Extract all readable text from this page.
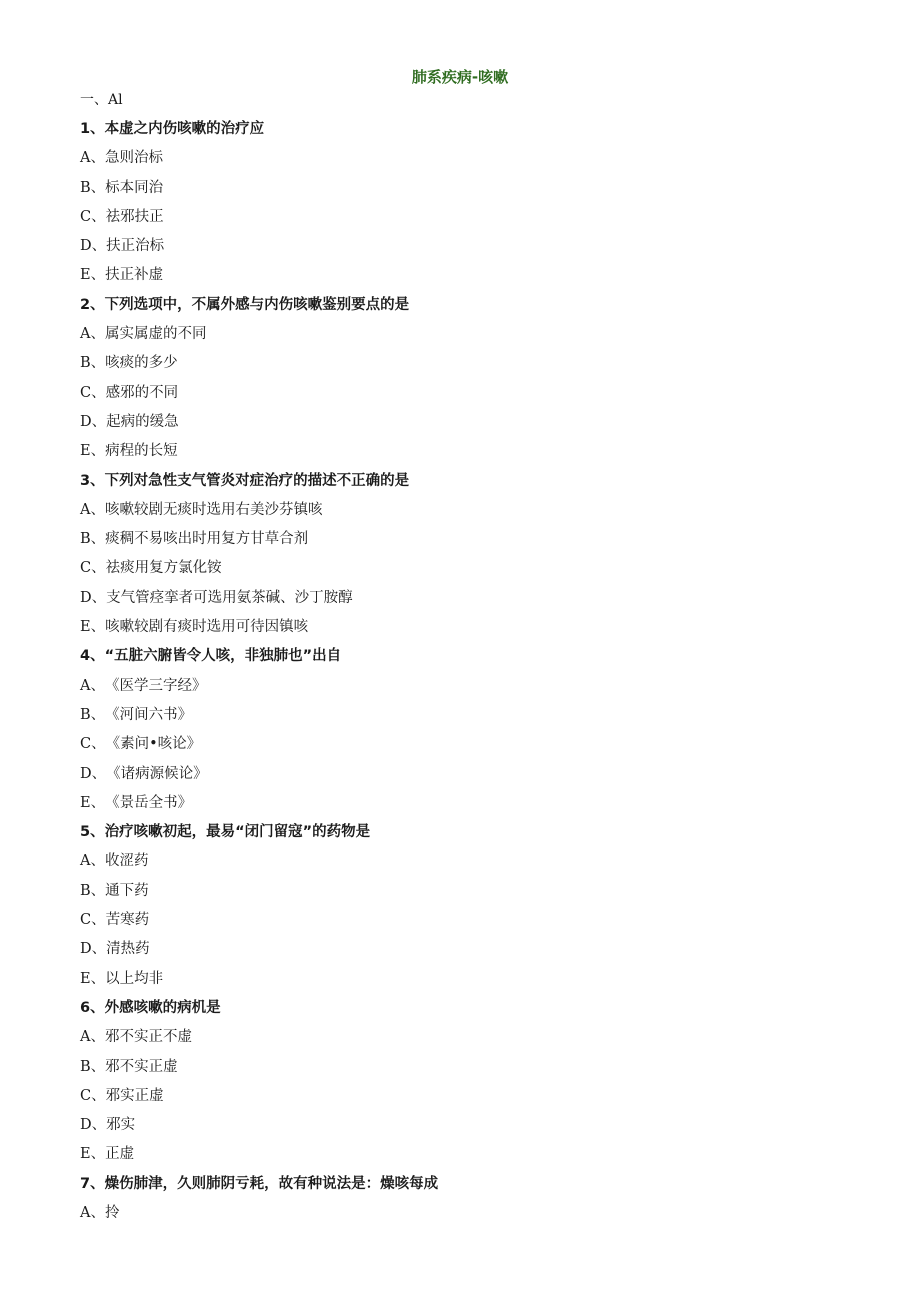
肺系疾病-咳嗽
一、Al
1、本虚之内伤咳嗽的治疗应
A、急则治标
B、标本同治
C、祛邪扶正
D、扶正治标
E、扶正补虚
2、下列选项中，不属外感与内伤咳嗽鉴别要点的是
A、属实属虚的不同
B、咳痰的多少
C、感邪的不同
D、起病的缓急
E、病程的长短
3、下列对急性支气管炎对症治疗的描述不正确的是
A、咳嗽较剧无痰时选用右美沙芬镇咳
B、痰稠不易咳出时用复方甘草合剂
C、祛痰用复方氯化铵
D、支气管痉挛者可选用氨茶碱、沙丁胺醇
E、咳嗽较剧有痰时选用可待因镇咳
4、“五脏六腑皆令人咳，非独肺也”出自
A、《医学三字经》
B、《河间六书》
C、《素问•咳论》
D、《诸病源候论》
E、《景岳全书》
5、治疗咳嗽初起，最易“闭门留寇”的药物是
A、收涩药
B、通下药
C、苦寒药
D、清热药
E、以上均非
6、外感咳嗽的病机是
A、邪不实正不虚
B、邪不实正虚
C、邪实正虚
D、邪实
E、正虚
7、燥伤肺津，久则肺阴亏耗，故有种说法是：燥咳每成
A、拎
